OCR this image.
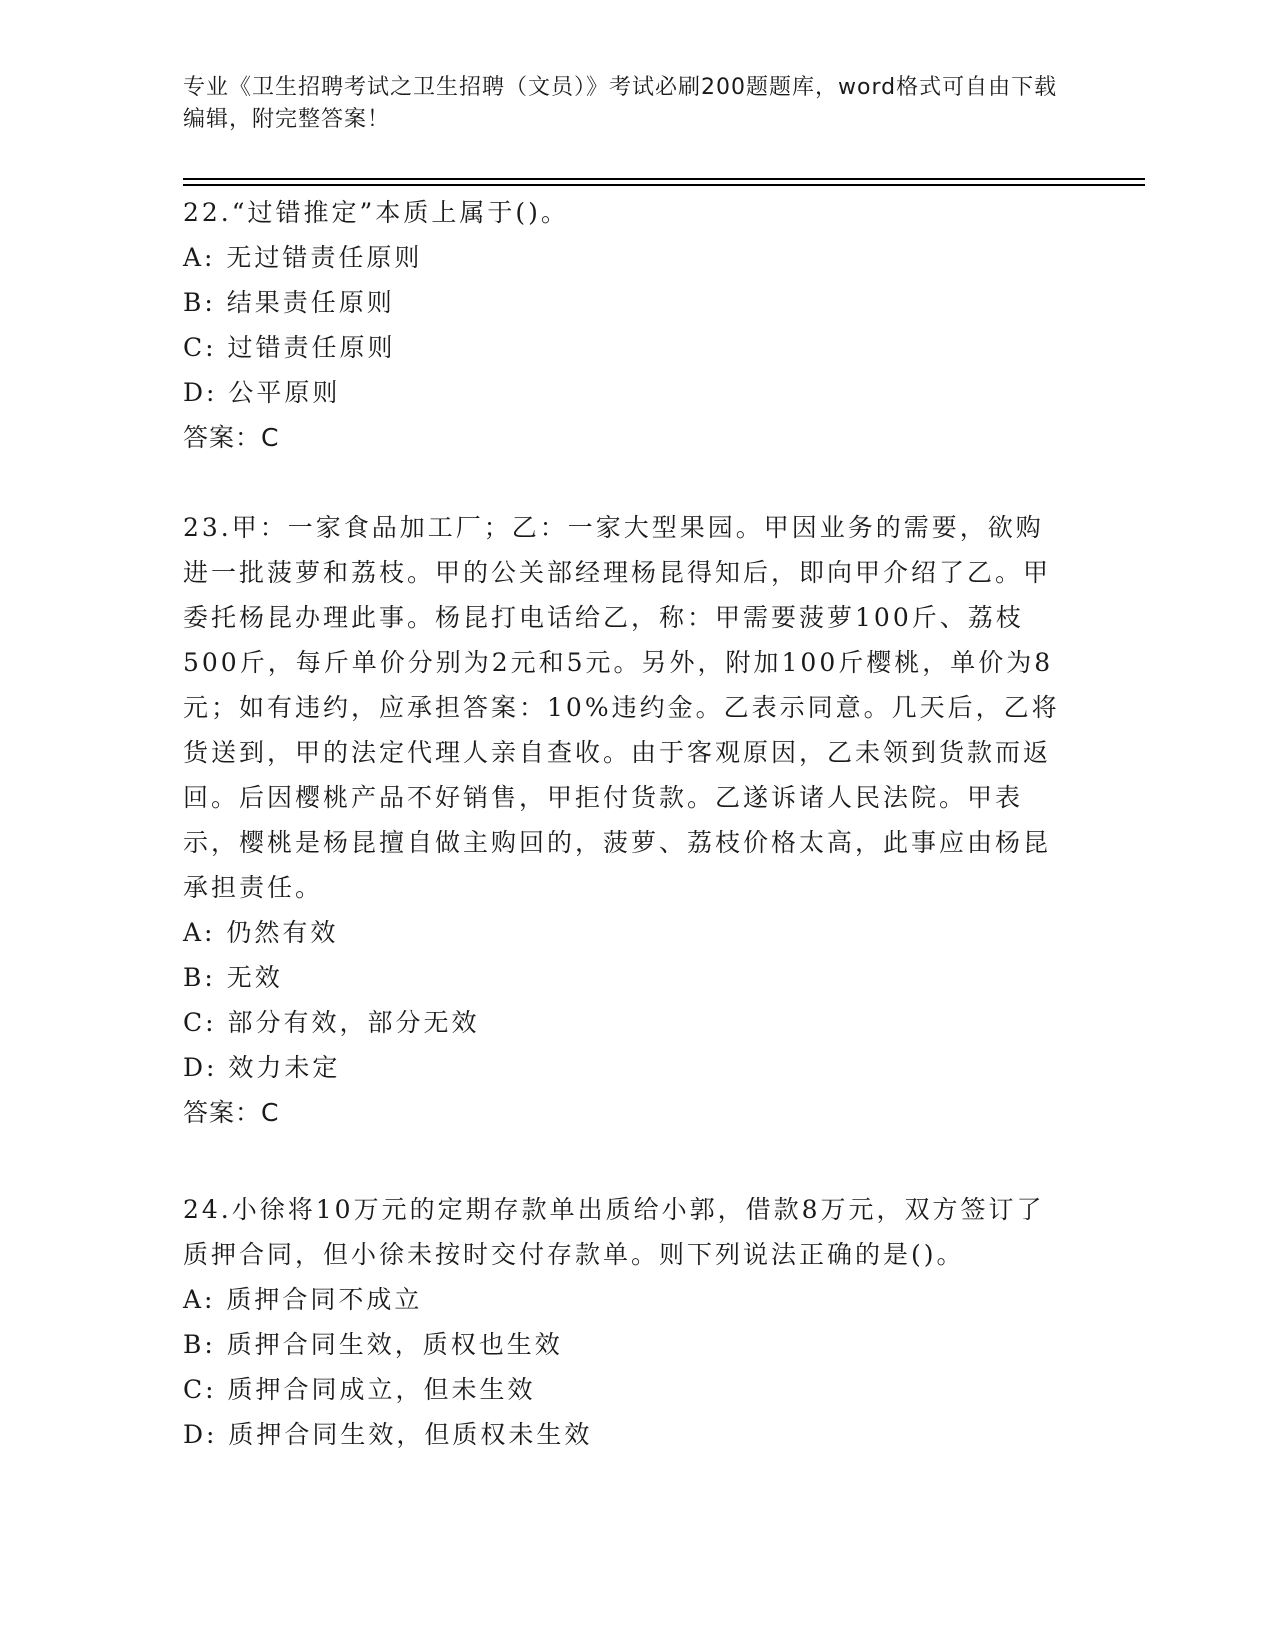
专业《卫生招聘考试之卫生招聘（文员）》考试必刷200题题库，word格式可自由下载编辑，附完整答案！

22.“过错推定”本质上属于()。

A: 无过错责任原则

B: 结果责任原则

C: 过错责任原则

D: 公平原则

答案：C

23.甲：一家食品加工厂；乙：一家大型果园。甲因业务的需要，欲购进一批菠萝和荔枝。甲的公关部经理杨昆得知后，即向甲介绍了乙。甲委托杨昆办理此事。杨昆打电话给乙，称：甲需要菠萝100斤、荔枝500斤，每斤单价分别为2元和5元。另外，附加100斤樱桃，单价为8元；如有违约，应承担答案：10%违约金。乙表示同意。几天后，乙将货送到，甲的法定代理人亲自查收。由于客观原因，乙未领到货款而返回。后因樱桃产品不好销售，甲拒付货款。乙遂诉诸人民法院。甲表示，樱桃是杨昆擅自做主购回的，菠萝、荔枝价格太高，此事应由杨昆承担责任。

A: 仍然有效

B: 无效

C: 部分有效，部分无效

D: 效力未定

答案：C

24.小徐将10万元的定期存款单出质给小郭，借款8万元，双方签订了质押合同，但小徐未按时交付存款单。则下列说法正确的是()。

A: 质押合同不成立

B: 质押合同生效，质权也生效

C: 质押合同成立，但未生效

D: 质押合同生效，但质权未生效
